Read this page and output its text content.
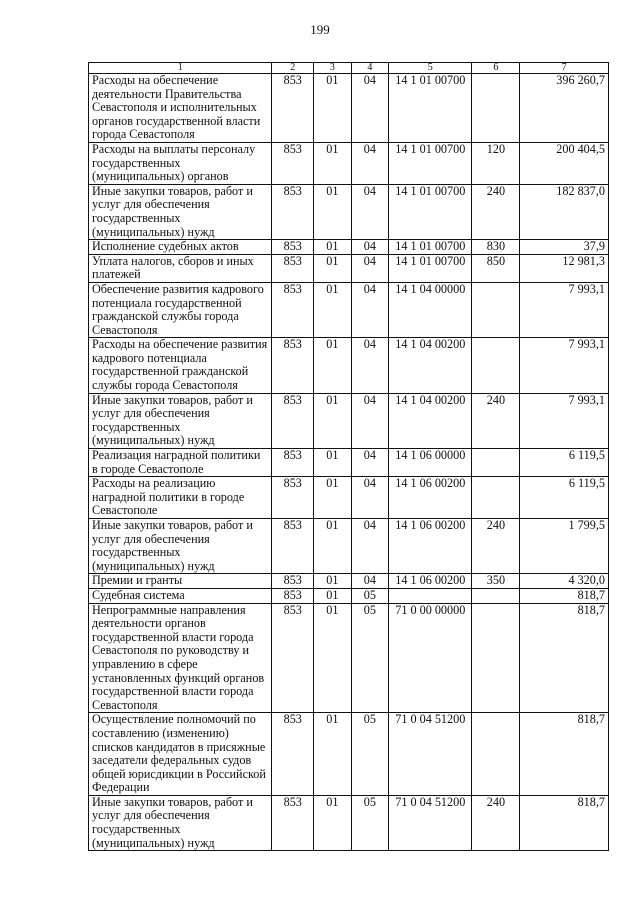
199
1	2	3	4	5	6	7
Расходы на обеспечение деятельности Правительства Севастополя и исполнительных органов государственной власти города Севастополя	853	01	04	14 1 01 00700		396 260,7
Расходы на выплаты персоналу государственных (муниципальных) органов	853	01	04	14 1 01 00700	120	200 404,5
Иные закупки товаров, работ и услуг для обеспечения государственных (муниципальных) нужд	853	01	04	14 1 01 00700	240	182 837,0
Исполнение судебных актов	853	01	04	14 1 01 00700	830	37,9
Уплата налогов, сборов и иных платежей	853	01	04	14 1 01 00700	850	12 981,3
Обеспечение развития кадрового потенциала государственной гражданской службы города Севастополя	853	01	04	14 1 04 00000		7 993,1
Расходы на обеспечение развития кадрового потенциала государственной гражданской службы города Севастополя	853	01	04	14 1 04 00200		7 993,1
Иные закупки товаров, работ и услуг для обеспечения государственных (муниципальных) нужд	853	01	04	14 1 04 00200	240	7 993,1
Реализация наградной политики в городе Севастополе	853	01	04	14 1 06 00000		6 119,5
Расходы на реализацию наградной политики в городе Севастополе	853	01	04	14 1 06 00200		6 119,5
Иные закупки товаров, работ и услуг для обеспечения государственных (муниципальных) нужд	853	01	04	14 1 06 00200	240	1 799,5
Премии и гранты	853	01	04	14 1 06 00200	350	4 320,0
Судебная система	853	01	05			818,7
Непрограммные направления деятельности органов государственной власти города Севастополя по руководству и управлению в сфере установленных функций органов государственной власти города Севастополя	853	01	05	71 0 00 00000		818,7
Осуществление полномочий по составлению (изменению) списков кандидатов в присяжные заседатели федеральных судов общей юрисдикции в Российской Федерации	853	01	05	71 0 04 51200		818,7
Иные закупки товаров, работ и услуг для обеспечения государственных (муниципальных) нужд	853	01	05	71 0 04 51200	240	818,7
